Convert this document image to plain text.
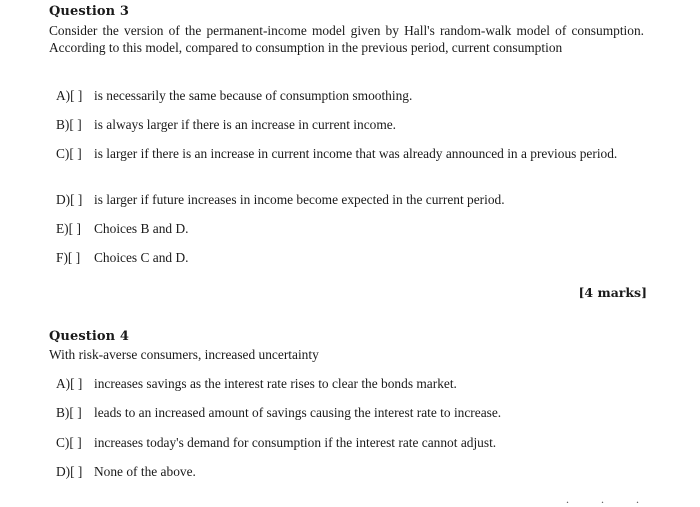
Question 3
Consider the version of the permanent-income model given by Hall's random-walk model of consumption. According to this model, compared to consumption in the previous period, current consumption
A)[ ] is necessarily the same because of consumption smoothing.
B)[ ] is always larger if there is an increase in current income.
C)[ ] is larger if there is an increase in current income that was already announced in a previous period.
D)[ ] is larger if future increases in income become expected in the current period.
E)[ ] Choices B and D.
F)[ ]	Choices C and D.
[4 marks]
Question 4
With risk-averse consumers, increased uncertainty
A)[ ] increases savings as the interest rate rises to clear the bonds market.
B)[ ] leads to an increased amount of savings causing the interest rate to increase.
C)[ ] increases today's demand for consumption if the interest rate cannot adjust.
D)[ ] None of the above.
...
